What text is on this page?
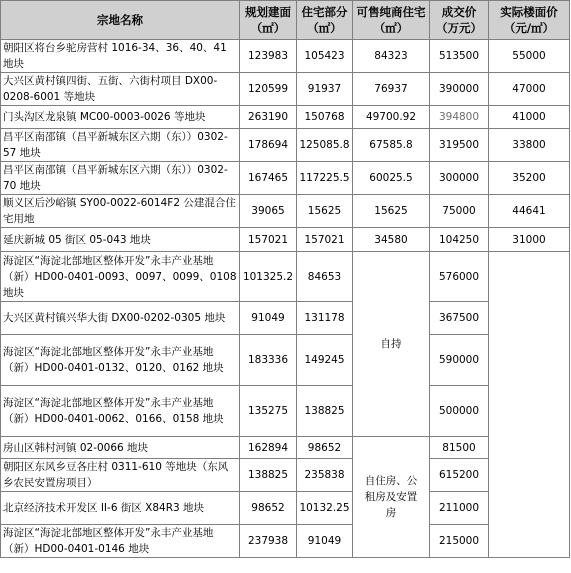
宗地名称	规划建面（㎡）	住宅部分（㎡）	可售纯商住宅（㎡）	成交价（万元）	实际楼面价（元/㎡）
朝阳区将台乡驼房营村 1016-34、36、40、41 地块	123983	105423	84323	513500	55000
大兴区黄村镇四街、五街、六街村项目 DX00-0208-6001 等地块	120599	91937	76937	390000	47000
门头沟区龙泉镇 MC00-0003-0026 等地块	263190	150768	49700.92	394800	41000
昌平区南邵镇（昌平新城东区六期（东））0302-57 地块	178694	125085.8	67585.8	319500	33800
昌平区南邵镇（昌平新城东区六期（东））0302-70 地块	167465	117225.5	60025.5	300000	35200
顺义区后沙峪镇 SY00-0022-6014F2 公建混合住宅用地	39065	15625	15625	75000	44641
延庆新城 05 街区 05-043 地块	157021	157021	34580	104250	31000
海淀区“海淀北部地区整体开发”永丰产业基地（新）HD00-0401-0093、0097、0099、0108 地块	101325.2	84653	自持	576000	
大兴区黄村镇兴华大街 DX00-0202-0305 地块	91049	131178		367500	
海淀区“海淀北部地区整体开发”永丰产业基地（新）HD00-0401-0132、0120、0162 地块	183336	149245		590000	
海淀区“海淀北部地区整体开发”永丰产业基地（新）HD00-0401-0062、0166、0158 地块	135275	138825		500000	
房山区韩村河镇 02-0066 地块	162894	98652	自住房、公租房及安置房	81500	
朝阳区东风乡豆各庄村 0311-610 等地块（东风乡农民安置房项目）	138825	235838		615200	
北京经济技术开发区 II-6 街区 X84R3 地块	98652	10132.25		211000	
海淀区“海淀北部地区整体开发”永丰产业基地（新）HD00-0401-0146 地块	237938	91049		215000	
